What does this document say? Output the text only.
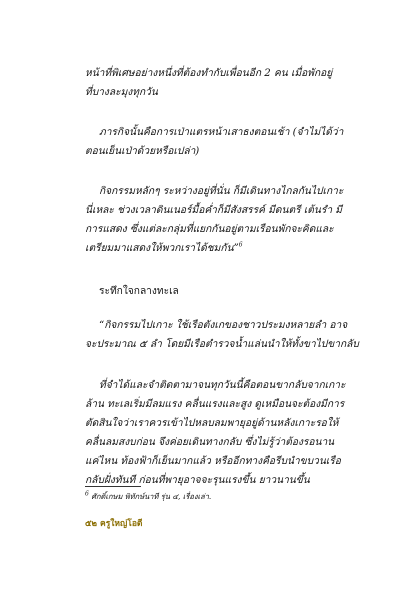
หน้าที่พิเศษอย่างหนึ่งที่ต้องทำกับเพื่อนอีก 2 คน เมื่อพักอยู่
ที่บางละมุงทุกวัน
ภารกิจนั้นคือการเป่าแตรหน้าเสาธงตอนเช้า (จำไม่ได้ว่า
ตอนเย็นเป่าด้วยหรือเปล่า)
กิจกรรมหลักๆ ระหว่างอยู่ที่นั่น ก็มีเดินทางไกลกันไปเกาะ
นี่เหละ ช่วงเวลาดินเนอร์มื้อค่ำก็มีสังสรรค์ มีดนตรี เต้นรำ มี
การแสดง ซึ่งแต่ละกลุ่มที่แยกกันอยู่ตามเรือนพักจะคิดและ
เตรียมมาแสดงให้พวกเราได้ชมกัน”$^6$
ระทึกใจกลางทะเล
“กิจกรรมไปเกาะ ใช้เรือตังเกของชาวประมงหลายลำ อาจ
จะประมาณ ๕ ลำ โดยมีเรือตำรวจน้ำแล่นนำให้ทั้งขาไปขากลับ
ที่จำได้และจำติดตามาจนทุกวันนี้คือตอนขากลับจากเกาะ
ล้าน ทะเลเริ่มมีลมแรง คลื่นแรงและสูง ดูเหมือนจะต้องมีการ
ตัดสินใจว่าเราควรเข้าไปหลบลมพายุอยู่ด้านหลังเกาะรอให้
คลื่นลมสงบก่อน จึงค่อยเดินทางกลับ ซึ่งไม่รู้ว่าต้องรอนาน
แค่ไหน ท้องฟ้าก็เย็นมากแล้ว หรืออีกทางคือรีบนำขบวนเรือ
กลับฝั่งทันที ก่อนที่พายุอาจจะรุนแรงขึ้น ยาวนานขึ้น
$^6$ ศักดิ์เกษม พิทักษ์นาที รุ่น ๔, เรื่องเล่า.
๕๒ ครูใหญ่โอตี
